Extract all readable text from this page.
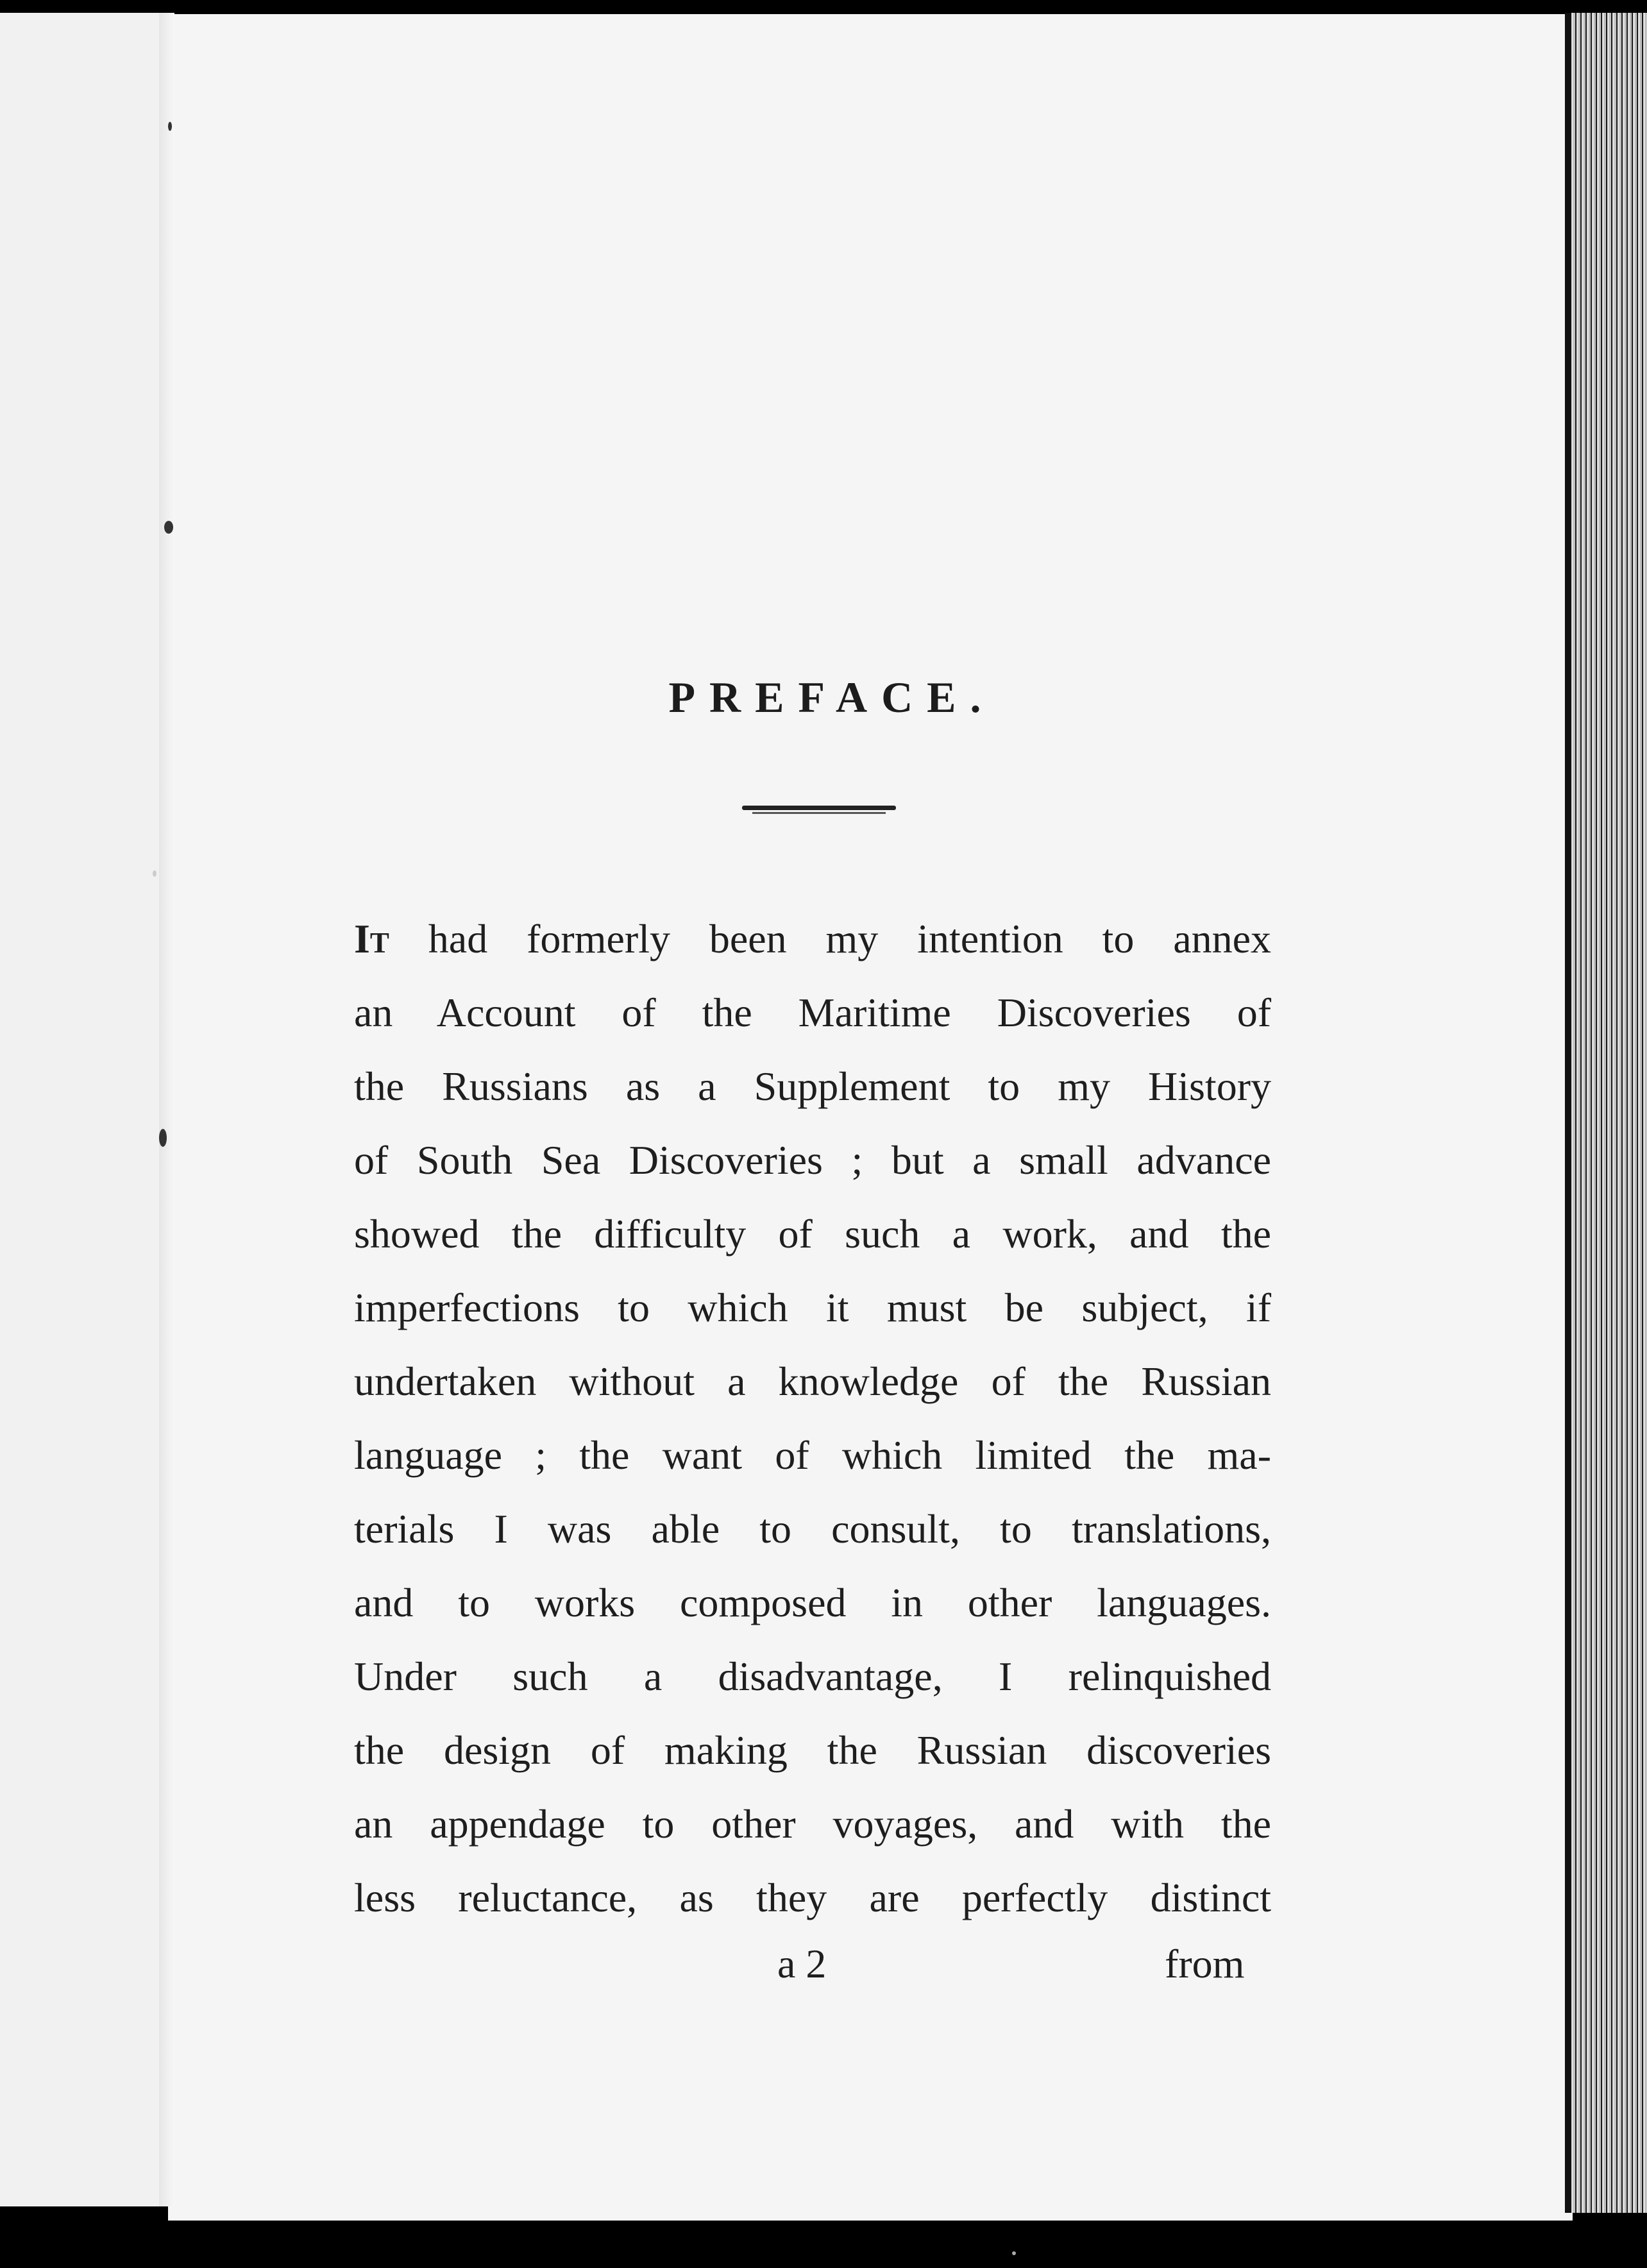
PREFACE.
It had formerly been my intention to annex
an Account of the Maritime Discoveries of
the Russians as a Supplement to my History
of South Sea Discoveries ; but a small advance
showed the difficulty of such a work, and the
imperfections to which it must be subject, if
undertaken without a knowledge of the Russian
language ; the want of which limited the ma-
terials I was able to consult, to translations,
and to works composed in other languages.
Under such a disadvantage, I relinquished
the design of making the Russian discoveries
an appendage to other voyages, and with the
less reluctance, as they are perfectly distinct
a 2	from
